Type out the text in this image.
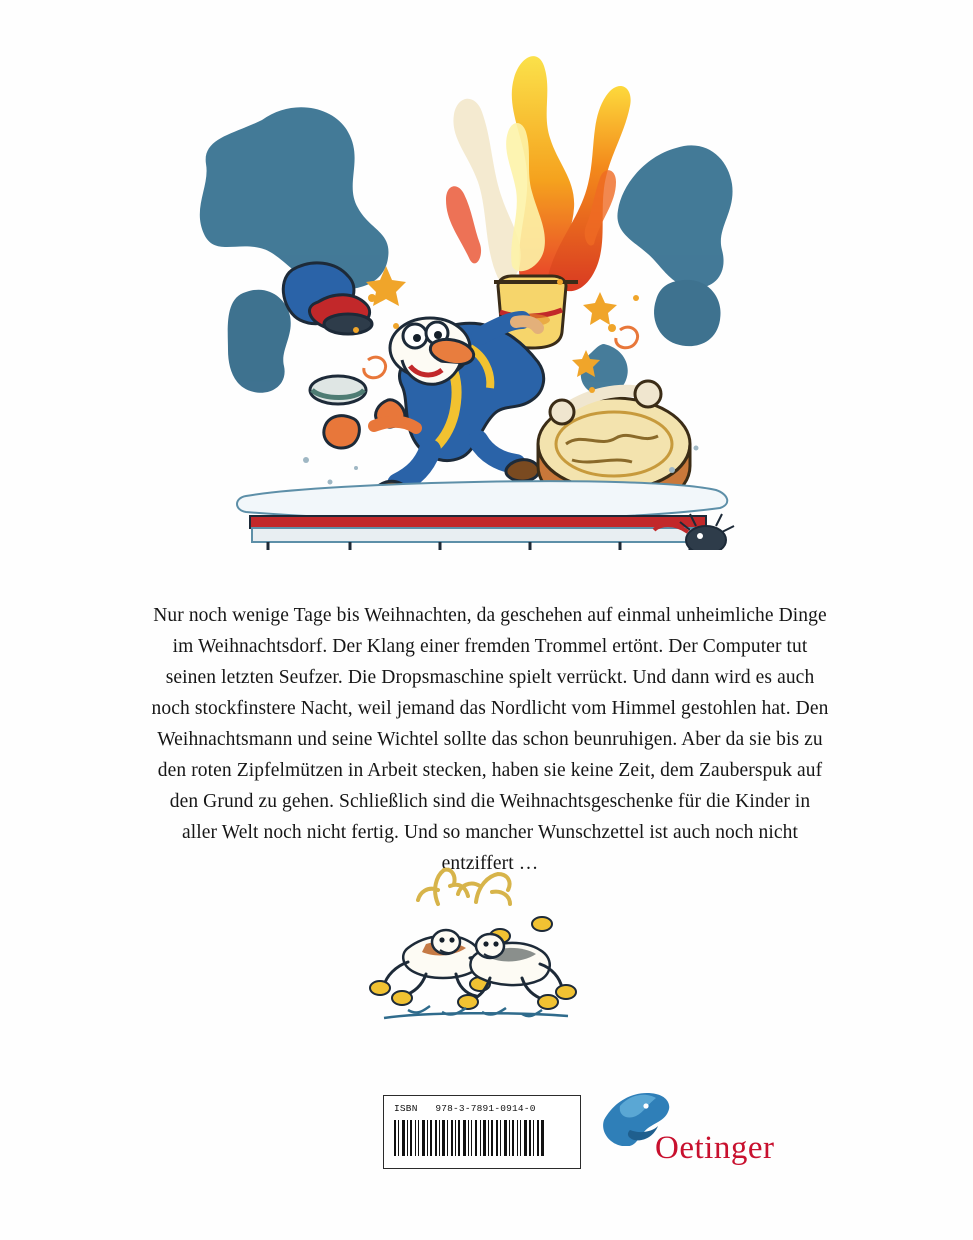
Nur noch wenige Tage bis Weihnachten, da geschehen auf einmal unheimliche Dinge im Weihnachtsdorf. Der Klang einer fremden Trommel ertönt. Der Computer tut seinen letzten Seufzer. Die Dropsmaschine spielt verrückt. Und dann wird es auch noch stockfinstere Nacht, weil jemand das Nordlicht vom Himmel gestohlen hat. Den Weihnachtsmann und seine Wichtel sollte das schon beunruhigen. Aber da sie bis zu den roten Zipfelmützen in Arbeit stecken, haben sie keine Zeit, dem Zauberspuk auf den Grund zu gehen. Schließlich sind die Weihnachtsgeschenke für die Kinder in aller Welt noch nicht fertig. Und so mancher Wunschzettel ist auch noch nicht entziffert …

ISBN 978-3-7891-0914-0
Oetinger
